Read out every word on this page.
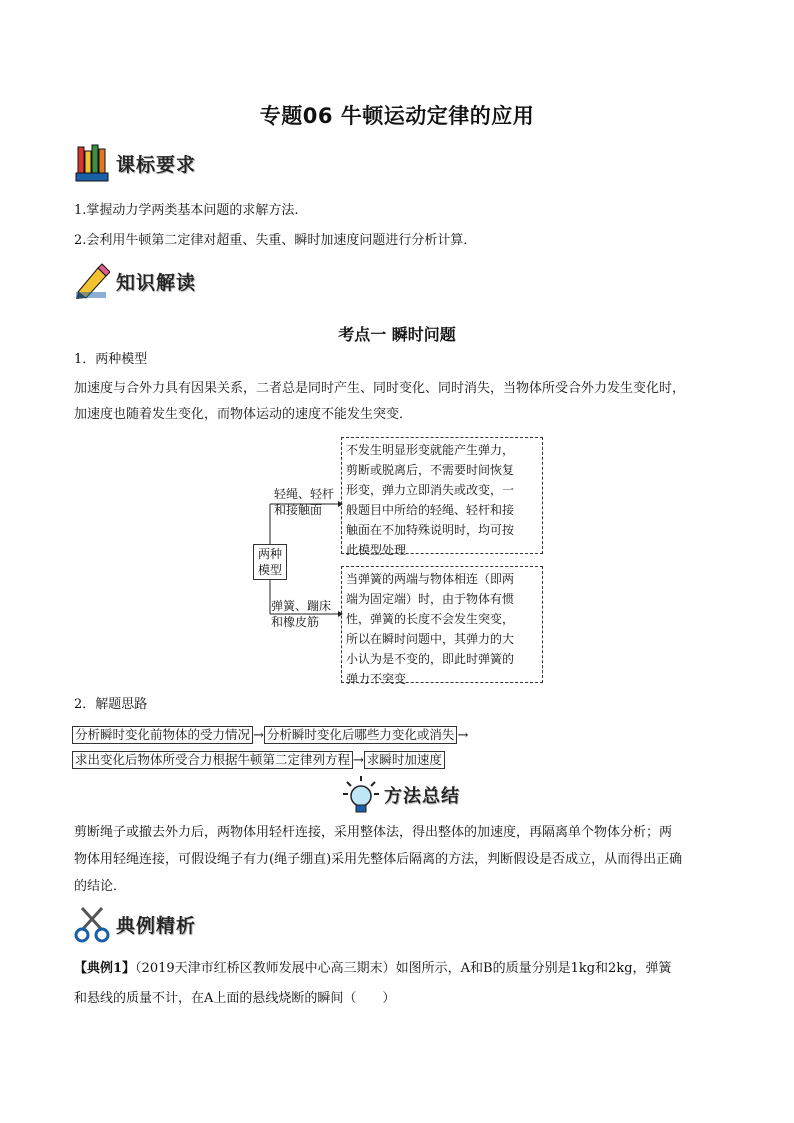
专题06 牛顿运动定律的应用
课标要求
1.掌握动力学两类基本问题的求解方法.
2.会利用牛顿第二定律对超重、失重、瞬时加速度问题进行分析计算．
知识解读
考点一 瞬时问题
1．两种模型
加速度与合外力具有因果关系，二者总是同时产生、同时变化、同时消失，当物体所受合外力发生变化时，
加速度也随着发生变化，而物体运动的速度不能发生突变．
两种
模型
轻绳、轻杆
和接触面
弹簧、蹦床
和橡皮筋
不发生明显形变就能产生弹力，
剪断或脱离后，不需要时间恢复
形变，弹力立即消失或改变，一
般题目中所给的轻绳、轻杆和接
触面在不加特殊说明时，均可按
此模型处理
当弹簧的两端与物体相连（即两
端为固定端）时，由于物体有惯
性，弹簧的长度不会发生突变，
所以在瞬时问题中，其弹力的大
小认为是不变的，即此时弹簧的
弹力不突变
2．解题思路
分析瞬时变化前物体的受力情况 → 分析瞬时变化后哪些力变化或消失 →
求出变化后物体所受合力根据牛顿第二定律列方程 → 求瞬时加速度
方法总结
剪断绳子或撤去外力后，两物体用轻杆连接，采用整体法，得出整体的加速度，再隔离单个物体分析；两
物体用轻绳连接，可假设绳子有力(绳子绷直)采用先整体后隔离的方法，判断假设是否成立，从而得出正确
的结论．
典例精析
【典例1】（2019天津市红桥区教师发展中心高三期末）如图所示，A和B的质量分别是1kg和2kg，弹簧
和悬线的质量不计，在A上面的悬线烧断的瞬间（　　）
